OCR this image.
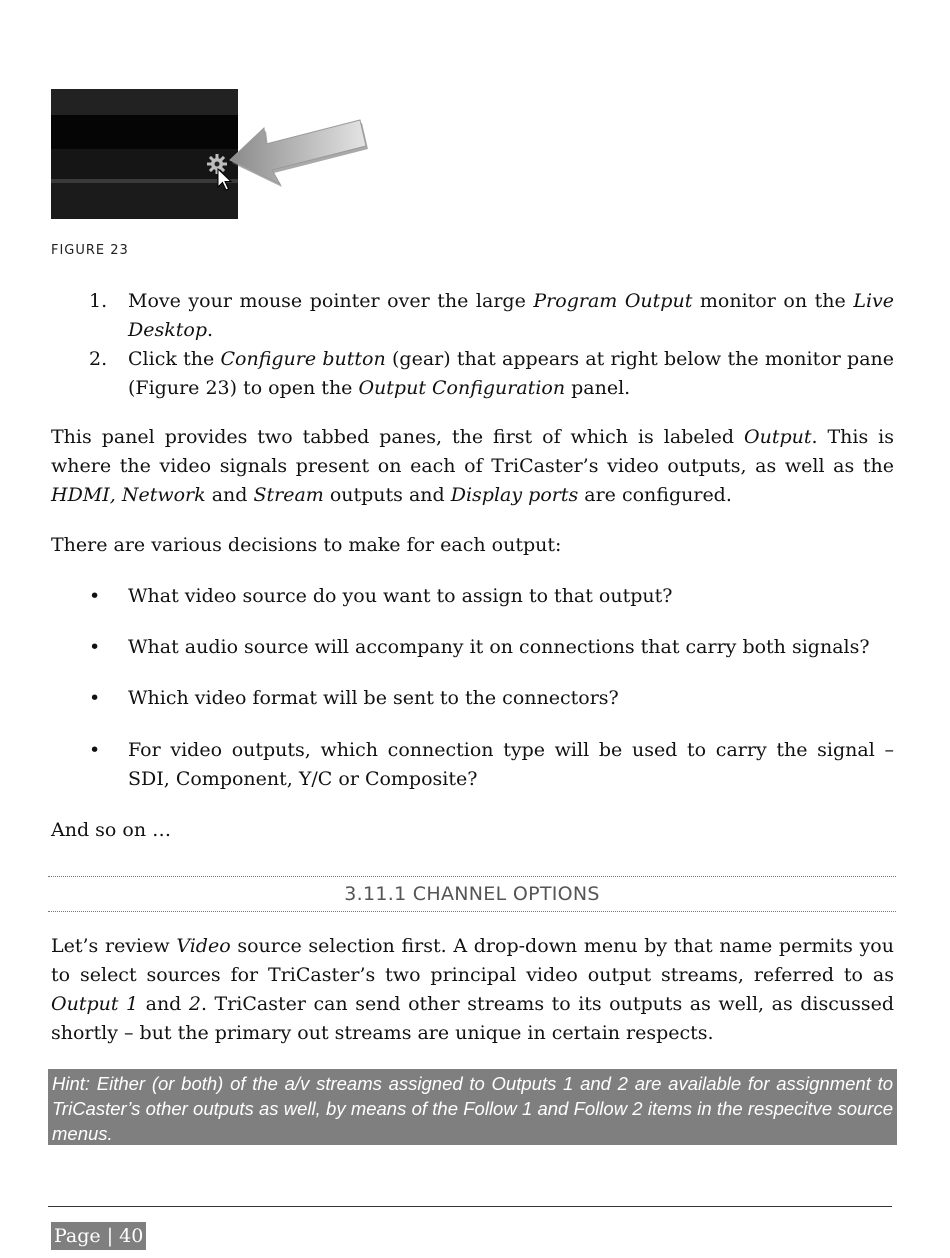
FIGURE 23
1. Move your mouse pointer over the large Program Output monitor on the Live Desktop.
2. Click the Configure button (gear) that appears at right below the monitor pane (Figure 23) to open the Output Configuration panel.
This panel provides two tabbed panes, the first of which is labeled Output. This is where the video signals present on each of TriCaster’s video outputs, as well as the HDMI, Network and Stream outputs and Display ports are configured.
There are various decisions to make for each output:
• What video source do you want to assign to that output?
• What audio source will accompany it on connections that carry both signals?
• Which video format will be sent to the connectors?
• For video outputs, which connection type will be used to carry the signal – SDI, Component, Y/C or Composite?
And so on …
3.11.1 CHANNEL OPTIONS
Let’s review Video source selection first. A drop-down menu by that name permits you to select sources for TriCaster’s two principal video output streams, referred to as Output 1 and 2. TriCaster can send other streams to its outputs as well, as discussed shortly – but the primary out streams are unique in certain respects.
Hint: Either (or both) of the a/v streams assigned to Outputs 1 and 2 are available for assignment to TriCaster’s other outputs as well, by means of the Follow 1 and Follow 2 items in the respecitve source menus.
Page | 40
